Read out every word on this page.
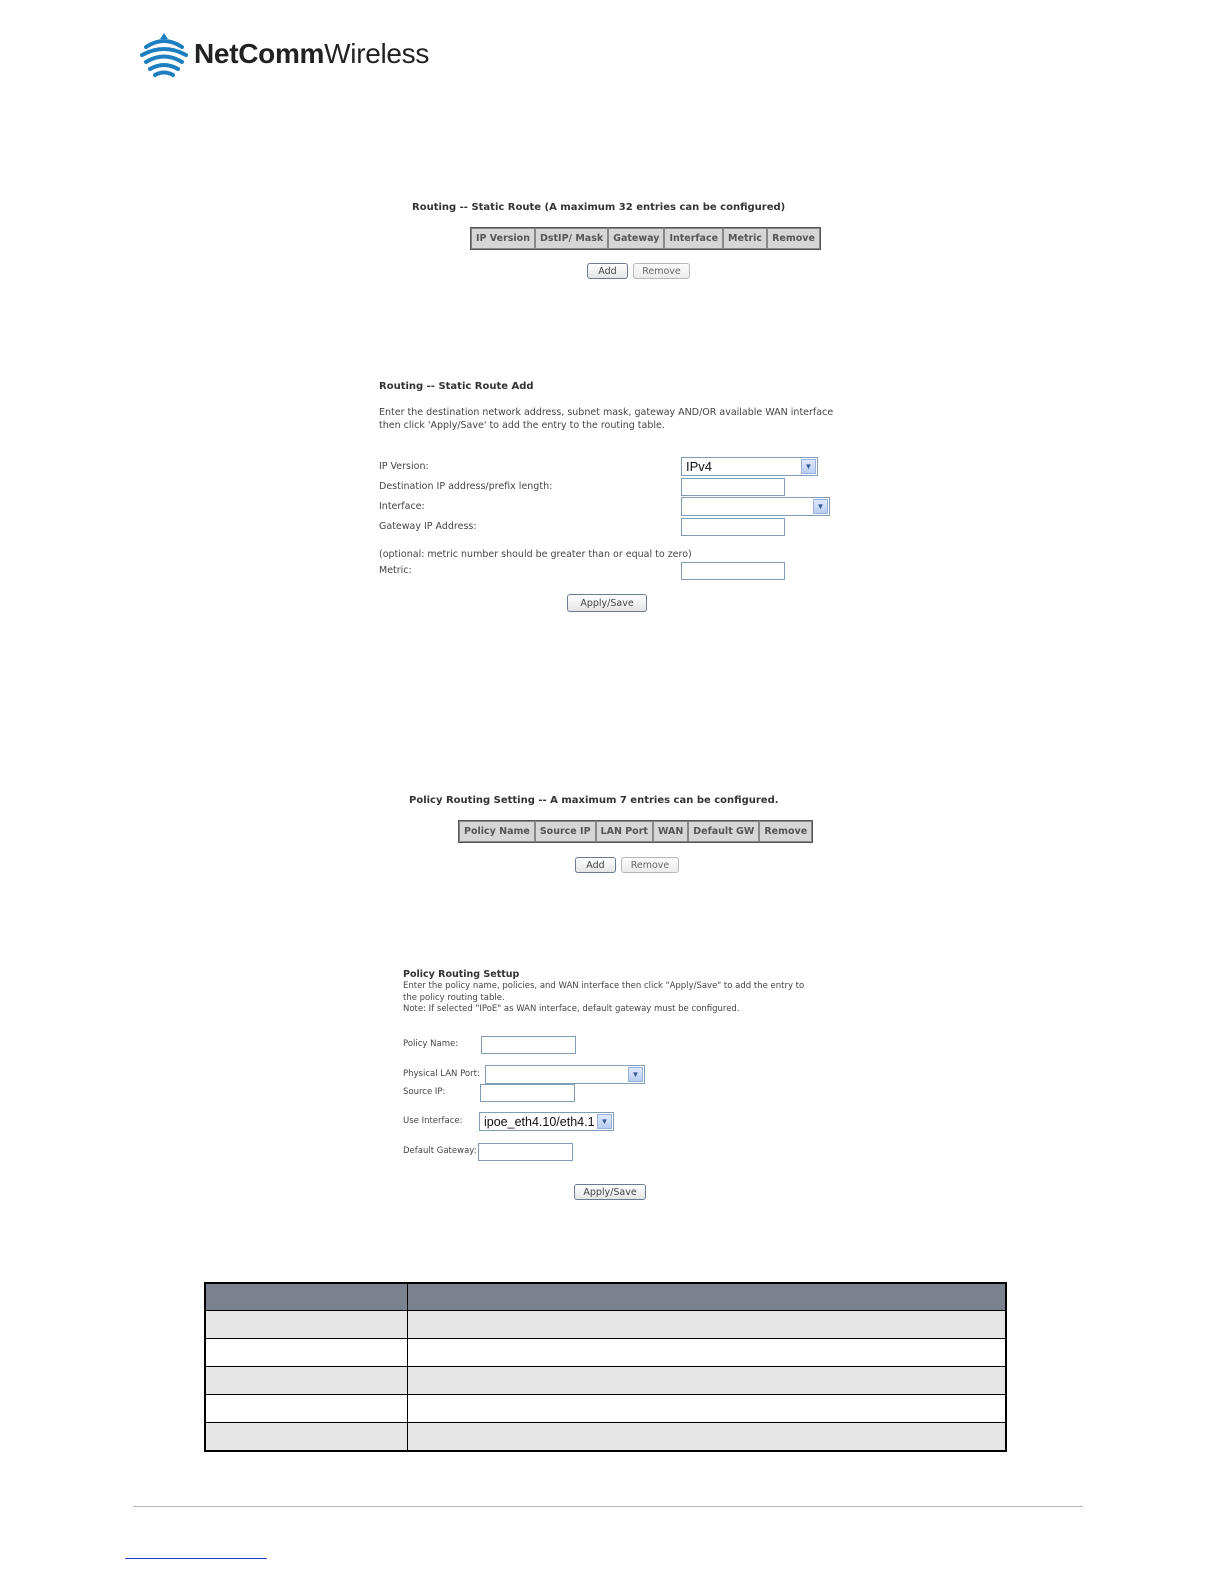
NetCommWireless
Routing -- Static Route (A maximum 32 entries can be configured)
IP Version	DstIP/ Mask	Gateway	Interface	Metric	Remove
Add	Remove
Routing -- Static Route Add
Enter the destination network address, subnet mask, gateway AND/OR available WAN interface
then click 'Apply/Save' to add the entry to the routing table.
IP Version:	IPv4	▼
Destination IP address/prefix length:
Interface:	▼
Gateway IP Address:
(optional: metric number should be greater than or equal to zero)
Metric:
Apply/Save
Policy Routing Setting -- A maximum 7 entries can be configured.
Policy Name	Source IP	LAN Port	WAN	Default GW	Remove
Add	Remove
Policy Routing Settup
Enter the policy name, policies, and WAN interface then click "Apply/Save" to add the entry to
the policy routing table.
Note: If selected "IPoE" as WAN interface, default gateway must be configured.
Policy Name:
Physical LAN Port:	▼
Source IP:
Use Interface: ipoe_eth4.10/eth4.1 ▼
Default Gateway:
Apply/Save
